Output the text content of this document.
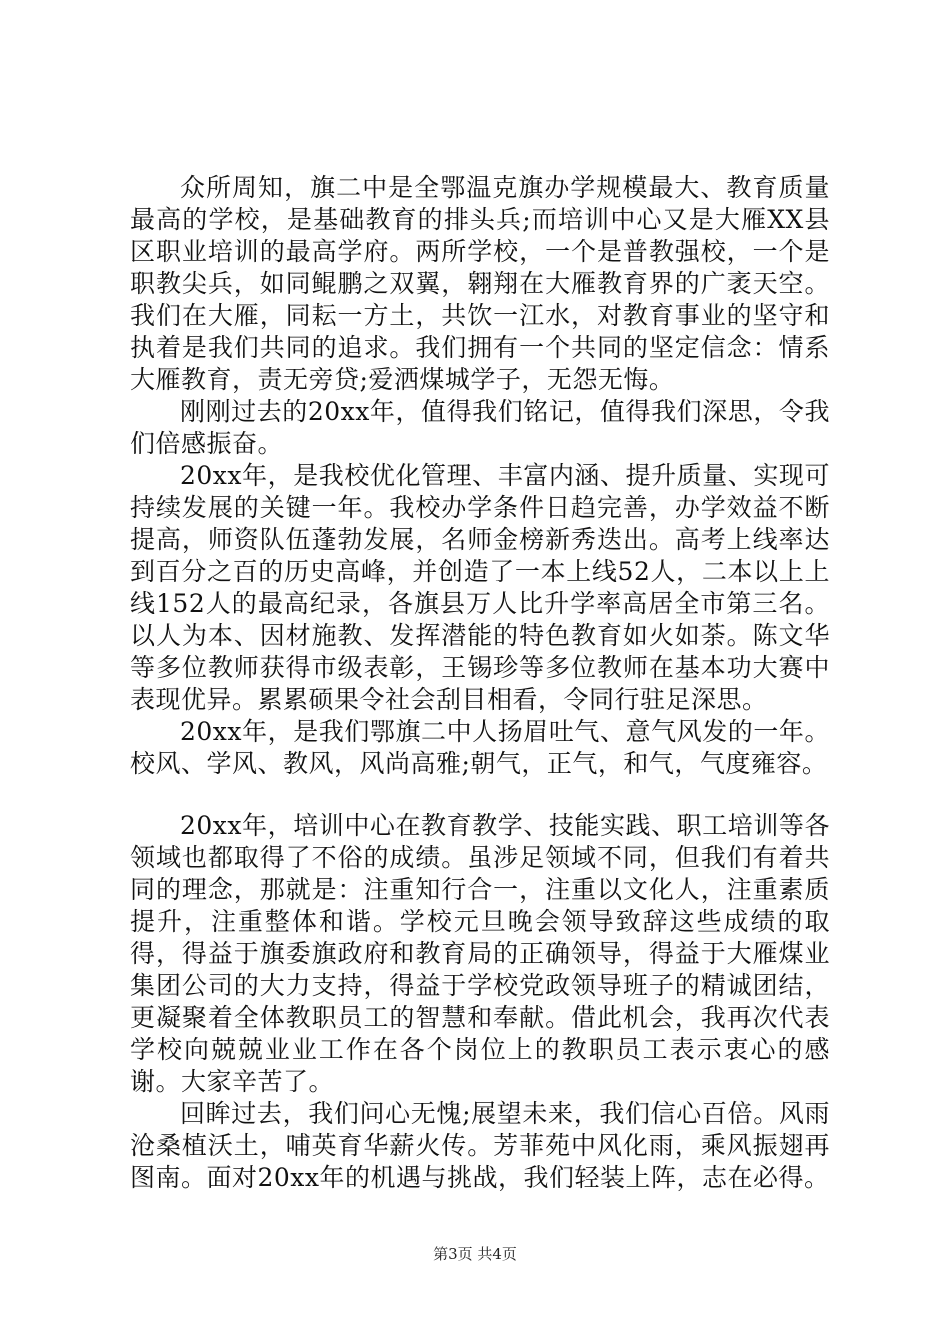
众所周知，旗二中是全鄂温克旗办学规模最大、教育质量最高的学校，是基础教育的排头兵;而培训中心又是大雁XX县区职业培训的最高学府。两所学校，一个是普教强校，一个是职教尖兵，如同鲲鹏之双翼，翱翔在大雁教育界的广袤天空。我们在大雁，同耘一方土，共饮一江水，对教育事业的坚守和执着是我们共同的追求。我们拥有一个共同的坚定信念：情系大雁教育，责无旁贷;爱洒煤城学子，无怨无悔。

刚刚过去的20xx年，值得我们铭记，值得我们深思，令我们倍感振奋。

20xx年，是我校优化管理、丰富内涵、提升质量、实现可持续发展的关键一年。我校办学条件日趋完善，办学效益不断提高，师资队伍蓬勃发展，名师金榜新秀迭出。高考上线率达到百分之百的历史高峰，并创造了一本上线52人，二本以上上线152人的最高纪录，各旗县万人比升学率高居全市第三名。以人为本、因材施教、发挥潜能的特色教育如火如荼。陈文华等多位教师获得市级表彰，王锡珍等多位教师在基本功大赛中表现优异。累累硕果令社会刮目相看，令同行驻足深思。

20xx年，是我们鄂旗二中人扬眉吐气、意气风发的一年。校风、学风、教风，风尚高雅;朝气，正气，和气，气度雍容。

20xx年，培训中心在教育教学、技能实践、职工培训等各领域也都取得了不俗的成绩。虽涉足领域不同，但我们有着共同的理念，那就是：注重知行合一，注重以文化人，注重素质提升，注重整体和谐。学校元旦晚会领导致辞这些成绩的取得，得益于旗委旗政府和教育局的正确领导，得益于大雁煤业集团公司的大力支持，得益于学校党政领导班子的精诚团结，更凝聚着全体教职员工的智慧和奉献。借此机会，我再次代表学校向兢兢业业工作在各个岗位上的教职员工表示衷心的感谢。大家辛苦了。

回眸过去，我们问心无愧;展望未来，我们信心百倍。风雨沧桑植沃土，哺英育华薪火传。芳菲苑中风化雨，乘风振翅再图南。面对20xx年的机遇与挑战，我们轻装上阵，志在必得。

第3页 共4页
